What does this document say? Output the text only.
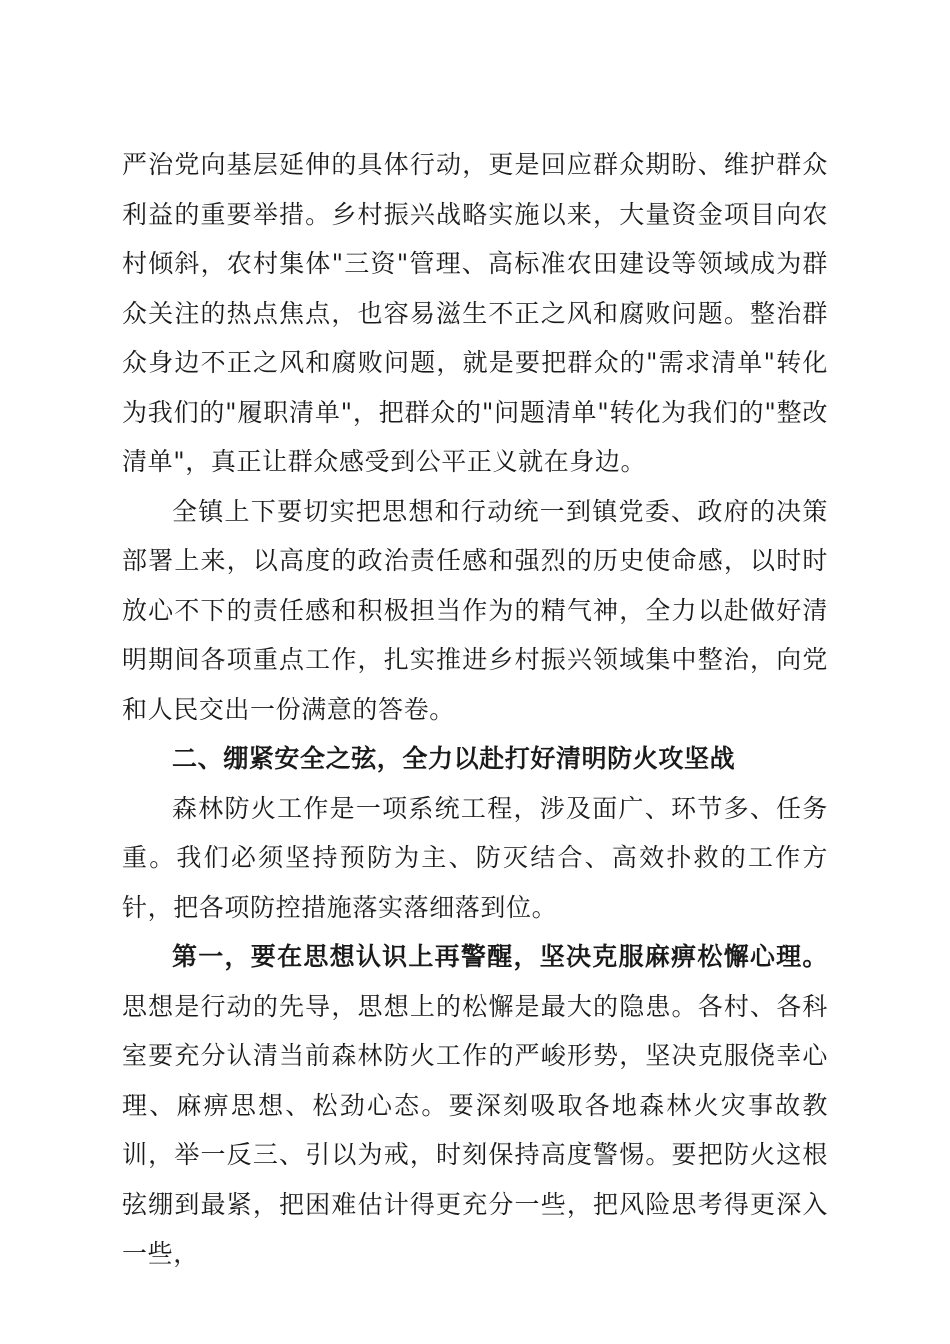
严治党向基层延伸的具体行动，更是回应群众期盼、维护群众利益的重要举措。乡村振兴战略实施以来，大量资金项目向农村倾斜，农村集体"三资"管理、高标准农田建设等领域成为群众关注的热点焦点，也容易滋生不正之风和腐败问题。整治群众身边不正之风和腐败问题，就是要把群众的"需求清单"转化为我们的"履职清单"，把群众的"问题清单"转化为我们的"整改清单"，真正让群众感受到公平正义就在身边。

全镇上下要切实把思想和行动统一到镇党委、政府的决策部署上来，以高度的政治责任感和强烈的历史使命感，以时时放心不下的责任感和积极担当作为的精气神，全力以赴做好清明期间各项重点工作，扎实推进乡村振兴领域集中整治，向党和人民交出一份满意的答卷。

二、绷紧安全之弦，全力以赴打好清明防火攻坚战

森林防火工作是一项系统工程，涉及面广、环节多、任务重。我们必须坚持预防为主、防灭结合、高效扑救的工作方针，把各项防控措施落实落细落到位。

第一，要在思想认识上再警醒，坚决克服麻痹松懈心理。思想是行动的先导，思想上的松懈是最大的隐患。各村、各科室要充分认清当前森林防火工作的严峻形势，坚决克服侥幸心理、麻痹思想、松劲心态。要深刻吸取各地森林火灾事故教训，举一反三、引以为戒，时刻保持高度警惕。要把防火这根弦绷到最紧，把困难估计得更充分一些，把风险思考得更深入一些，
